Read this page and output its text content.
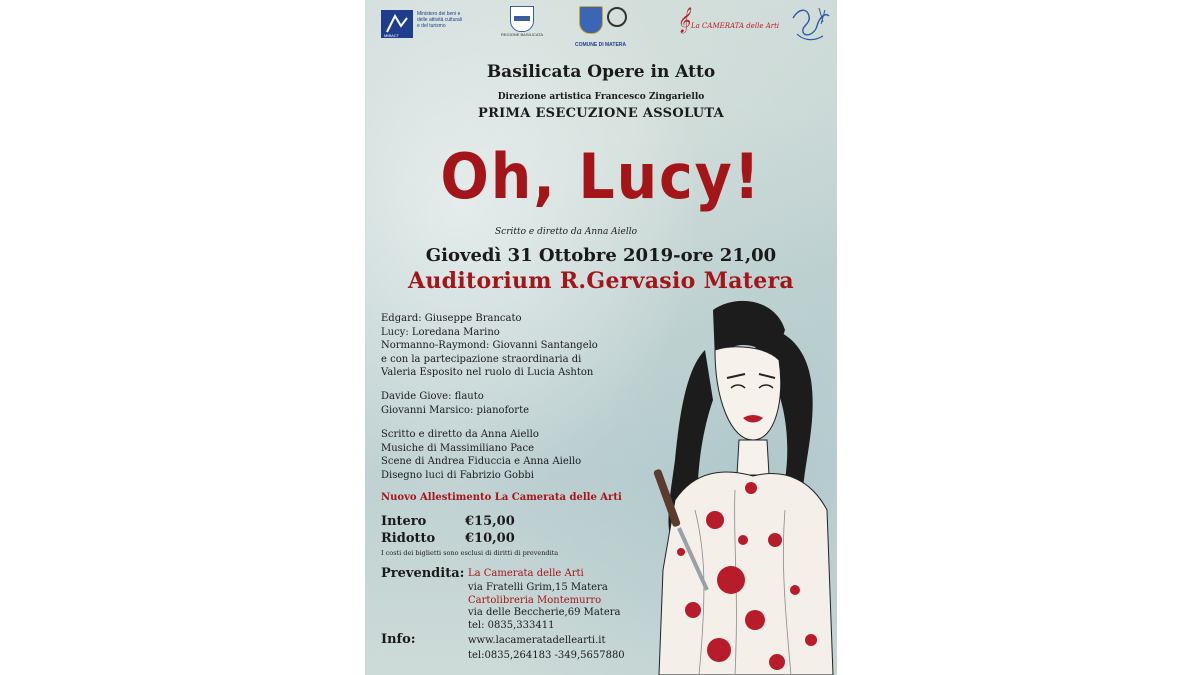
MIBACT
Ministero dei beni e delle attività culturali e del turismo
REGIONE BASILICATA
COMUNE DI MATERA
𝄞 La CAMERATA delle Arti

Basilicata Opere in Atto

Direzione artistica Francesco Zingariello

PRIMA ESECUZIONE ASSOLUTA

Oh, Lucy!

Scritto e diretto da Anna Aiello

Giovedì 31 Ottobre 2019-ore 21,00

Auditorium R.Gervasio Matera

Edgard: Giuseppe Brancato
Lucy: Loredana Marino
Normanno-Raymond: Giovanni Santangelo
e con la partecipazione straordinaria di
Valeria Esposito nel ruolo di Lucia Ashton
Davide Giove: flauto
Giovanni Marsico: pianoforte
Scritto e diretto da Anna Aiello
Musiche di Massimiliano Pace
Scene di Andrea Fiduccia e Anna Aiello
Disegno luci di Fabrizio Gobbi

Nuovo Allestimento La Camerata delle Arti

Intero	€15,00

Ridotto €10,00

I costi dei biglietti sono esclusi di diritti di prevendita

Prevendita: La Camerata delle Arti

via Fratelli Grim,15 Matera

Cartolibreria Montemurro

via delle Beccherie,69 Matera

tel: 0835,333411

Info:	www.lacameratadellearti.it

tel:0835,264183 -349,5657880
